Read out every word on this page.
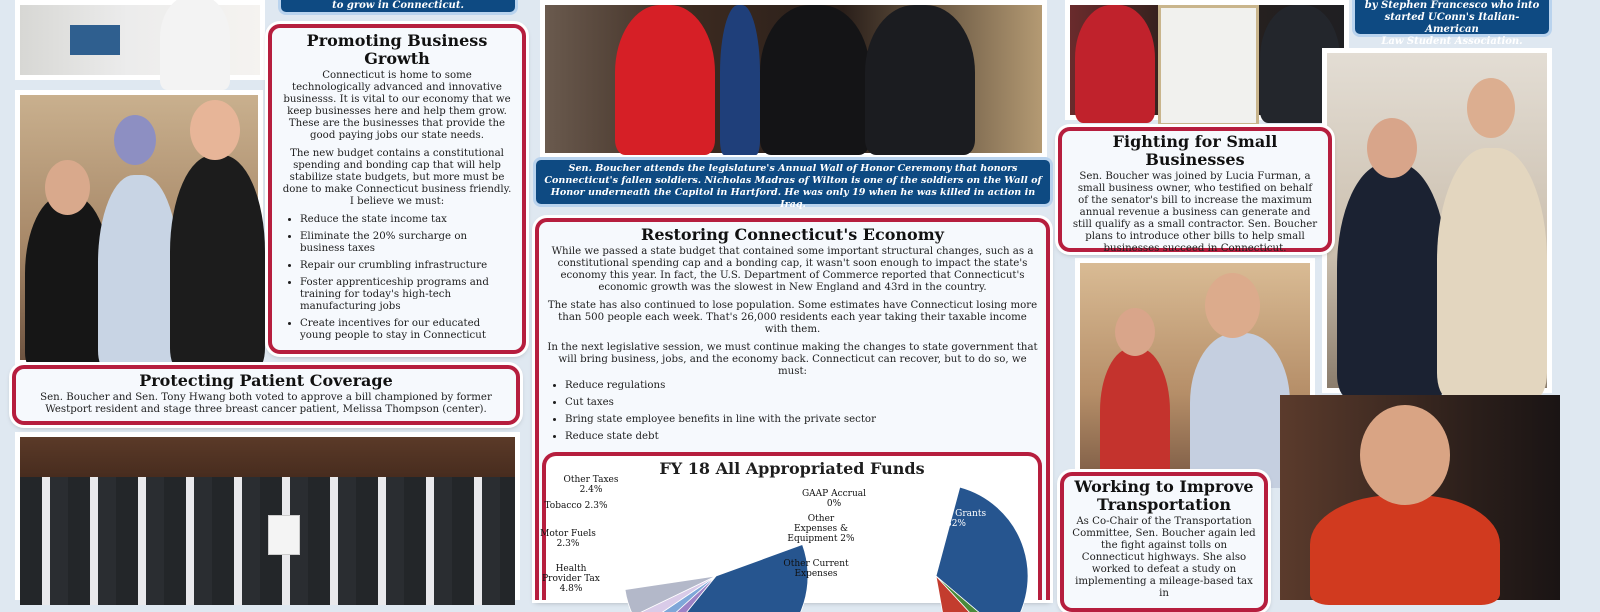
to grow in Connecticut.
Sen. Boucher attends the legislature's Annual Wall of Honor Ceremony that honors Connecticut's fallen soldiers. Nicholas Madras of Wilton is one of the soldiers on the Wall of Honor underneath the Capitol in Hartford. He was only 19 when he was killed in action in Iraq.
by Stephen Francesco who into
started UConn's Italian-American
Law Student Association.
Promoting Business Growth

Connecticut is home to some technologically advanced and innovative businesss. It is vital to our economy that we keep businesses here and help them grow. These are the businesses that provide the good paying jobs our state needs.

The new budget contains a constitutional spending and bonding cap that will help stabilize state budgets, but more must be done to make Connecticut business friendly. I believe we must:

• Reduce the state income tax
• Eliminate the 20% surcharge on business taxes
• Repair our crumbling infrastructure
• Foster apprenticeship programs and training for today's high-tech manufacturing jobs
• Create incentives for our educated young people to stay in Connecticut
Protecting Patient Coverage
Sen. Boucher and Sen. Tony Hwang both voted to approve a bill championed by former Westport resident and stage three breast cancer patient, Melissa Thompson (center).
Restoring Connecticut's Economy

While we passed a state budget that contained some important structural changes, such as a constitutional spending cap and a bonding cap, it wasn't soon enough to impact the state's economy this year. In fact, the U.S. Department of Commerce reported that Connecticut's economic growth was the slowest in New England and 43rd in the country.

The state has also continued to lose population. Some estimates have Connecticut losing more than 500 people each week. That's 26,000 residents each year taking their taxable income with them.

In the next legislative session, we must continue making the changes to state government that will bring business, jobs, and the economy back. Connecticut can recover, but to do so, we must:

• Reduce regulations
• Cut taxes
• Bring state employee benefits in line with the private sector
• Reduce state debt
FY 18 All Appropriated Funds
Personal Income 41.4%
Health Provider Tax 4.8%
Motor Fuels 2.3%
Tobacco 2.3%
Other Taxes 2.4%
Other Grants 32%
GAAP Accrual 0%
Other Expenses & Equipment 2%
Other Current Expenses
Fighting for Small Businesses
Sen. Boucher was joined by Lucia Furman, a small business owner, who testified on behalf of the senator's bill to increase the maximum annual revenue a business can generate and still qualify as a small contractor. Sen. Boucher plans to introduce other bills to help small businesses succeed in Connecticut.
Working to Improve Transportation
As Co-Chair of the Transportation Committee, Sen. Boucher again led the fight against tolls on Connecticut highways. She also worked to defeat a study on implementing a mileage-based tax in
